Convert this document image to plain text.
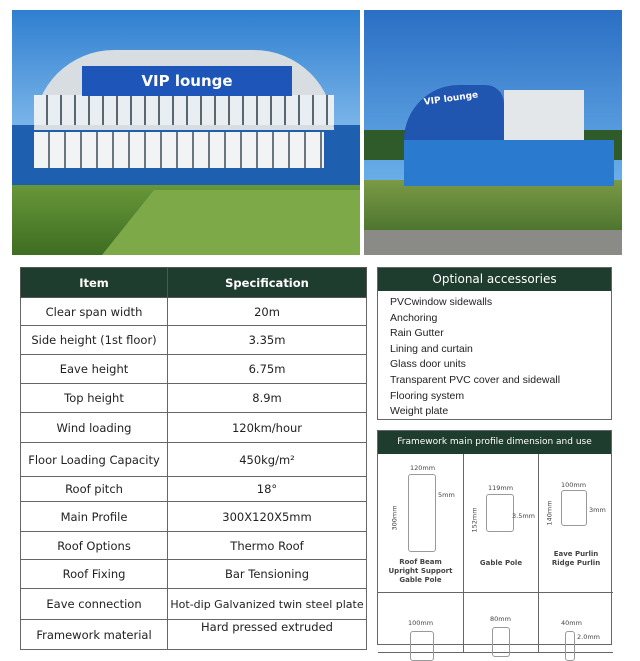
VIP lounge
VIP lounge
Item	Specification
Clear span width	20m
Side height (1st floor)	3.35m
Eave height	6.75m
Top height	8.9m
Wind loading	120km/hour
Floor Loading Capacity	450kg/m²
Roof pitch	18°
Main Profile	300X120X5mm
Roof Options	Thermo Roof
Roof Fixing	Bar Tensioning
Eave connection	Hot-dip Galvanized twin steel plate
Framework material	Hard pressed extruded
Optional accessories
PVCwindow sidewalls
Anchoring
Rain Gutter
Lining and curtain
Glass door units
Transparent PVC cover and sidewall
Flooring system
Weight plate
Framework main profile dimension and use
120mm
300mm
5mm
Roof Beam
Upright Support
Gable Pole
119mm
152mm	3.5mm
Gable Pole
100mm
140mm	3mm
Eave Purlin
Ridge Purlin
100mm	80mm	40mm
2.0mm
